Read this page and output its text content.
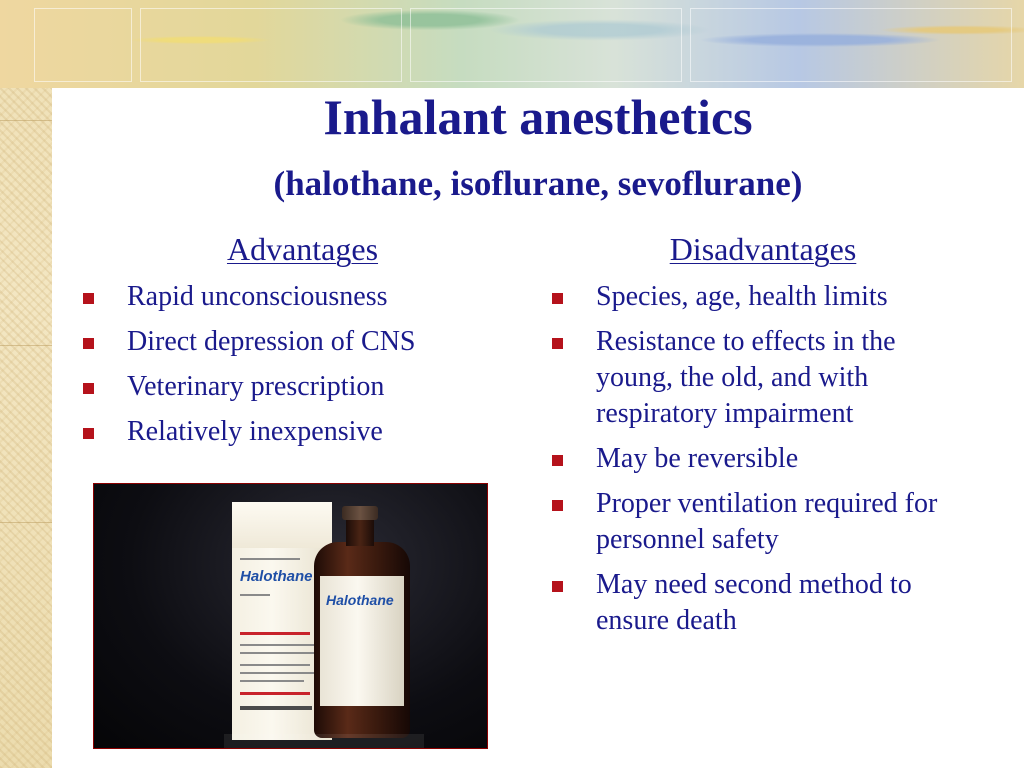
Inhalant anesthetics
(halothane, isoflurane, sevoflurane)
Advantages	Disadvantages
Rapid unconsciousness
Direct depression of CNS
Veterinary prescription
Relatively inexpensive
Species, age, health limits
Resistance to effects in the young, the old, and with respiratory impairment
May be reversible
Proper ventilation required for personnel safety
May need second method to ensure death
Halothane
Halothane
